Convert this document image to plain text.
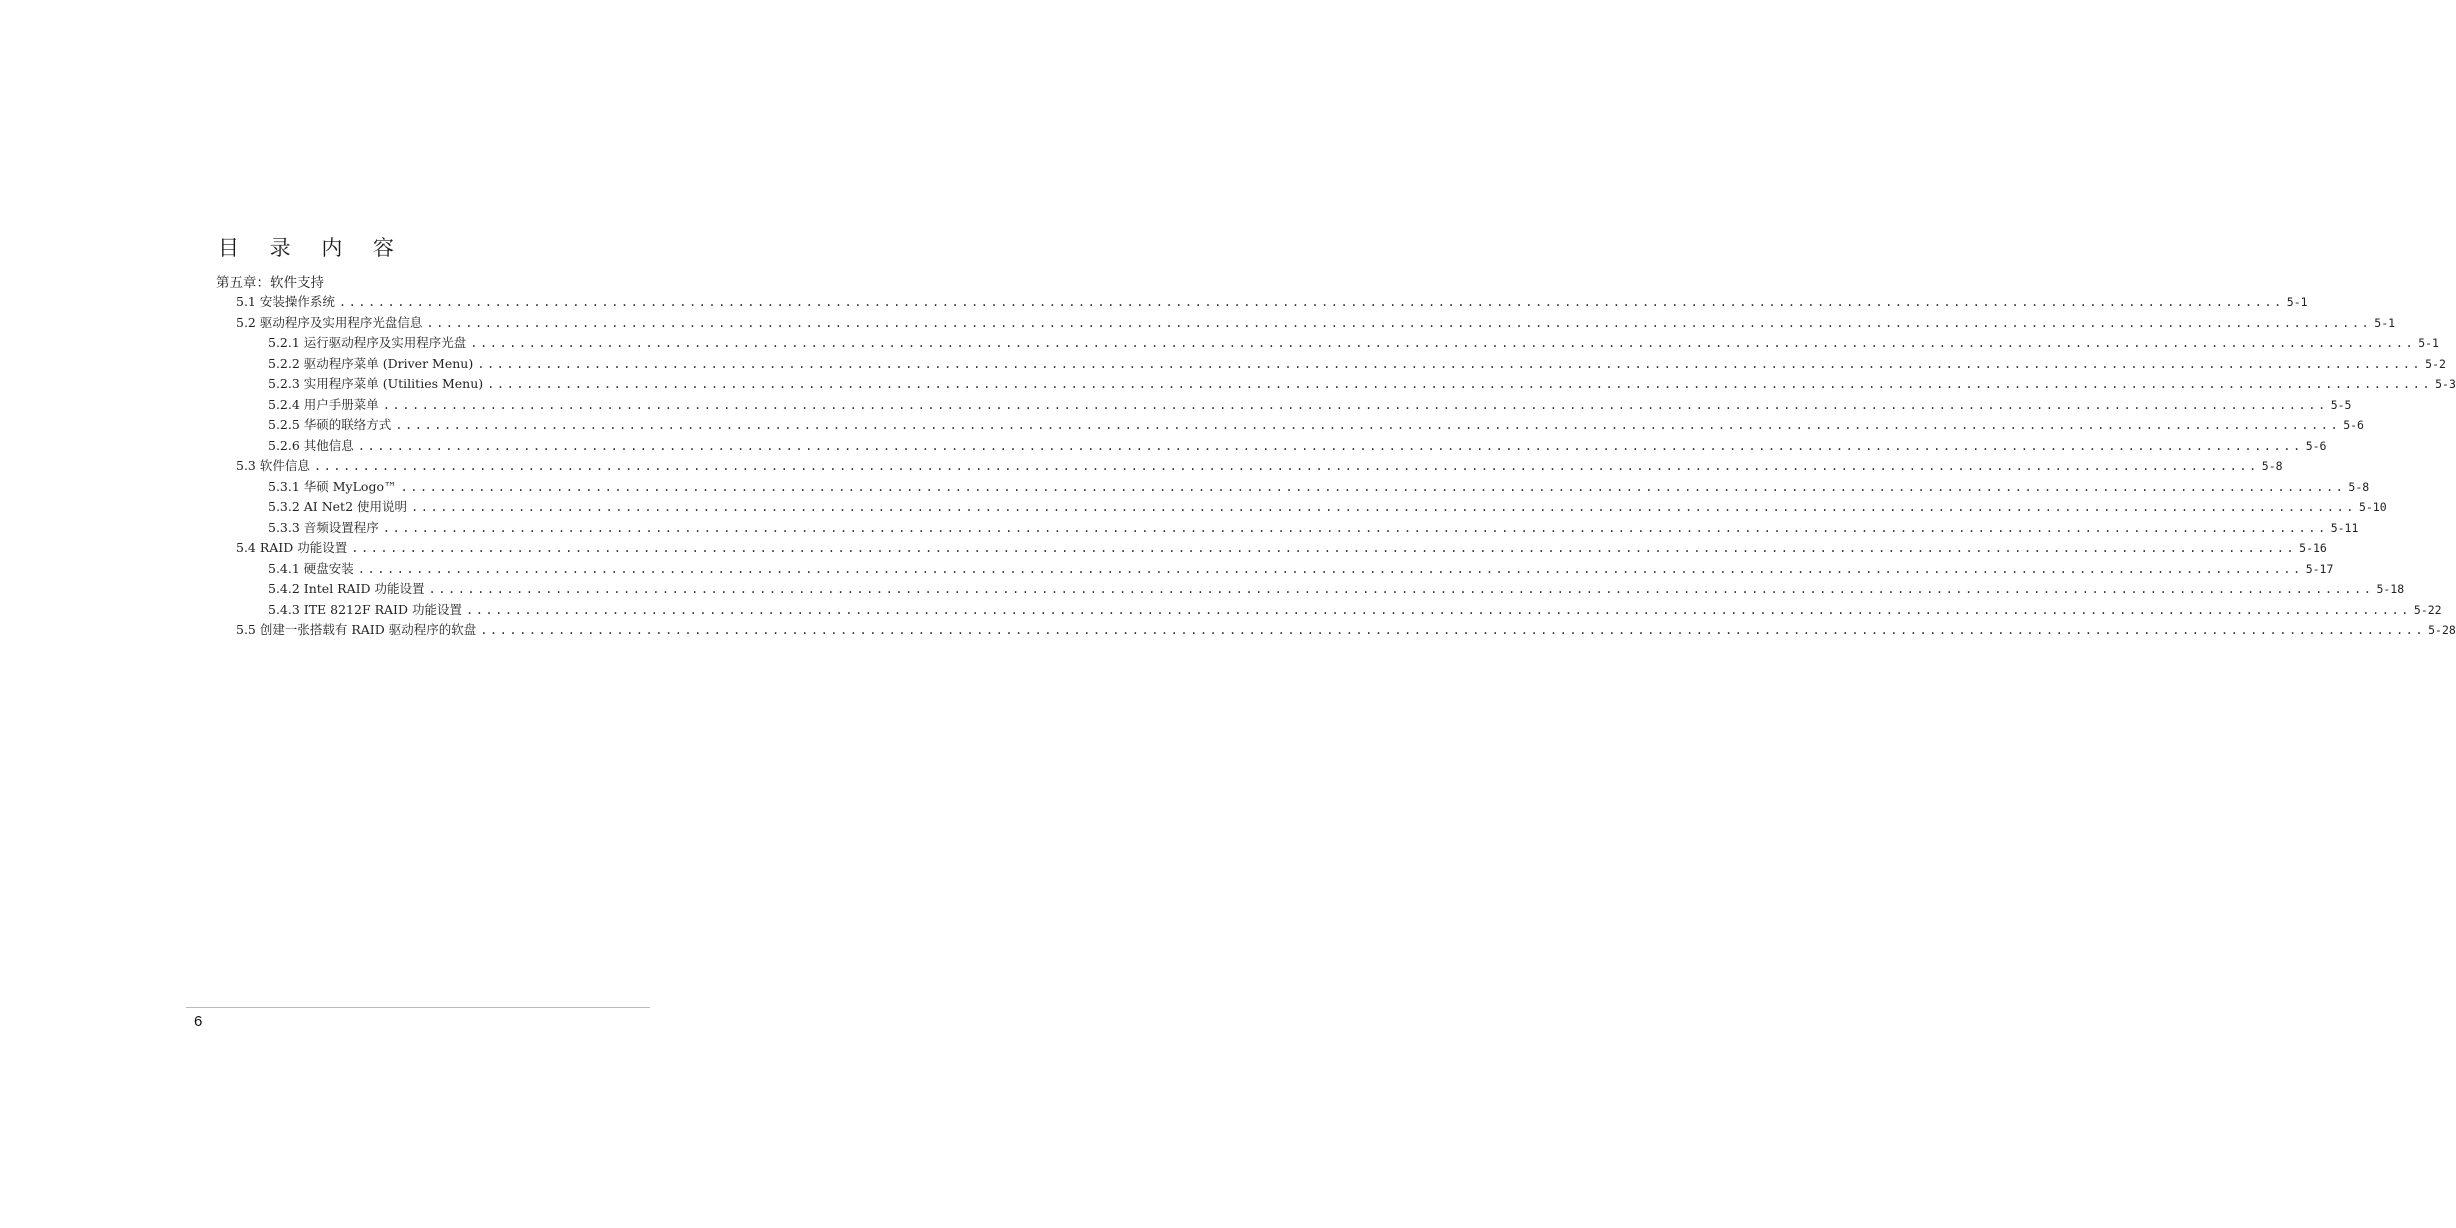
目 录 内 容
第五章：软件支持
5.1 安装操作系统 ........................................................................................................................................................................................................ 5-1
5.2 驱动程序及实用程序光盘信息 ........................................................................................................................................................................................................ 5-1
5.2.1 运行驱动程序及实用程序光盘 ........................................................................................................................................................................................................ 5-1
5.2.2 驱动程序菜单 (Driver Menu) ........................................................................................................................................................................................................ 5-2
5.2.3 实用程序菜单 (Utilities Menu) ........................................................................................................................................................................................................ 5-3
5.2.4 用户手册菜单 ........................................................................................................................................................................................................ 5-5
5.2.5 华硕的联络方式 ........................................................................................................................................................................................................ 5-6
5.2.6 其他信息 ........................................................................................................................................................................................................ 5-6
5.3 软件信息 ........................................................................................................................................................................................................ 5-8
5.3.1 华硕 MyLogo™ ........................................................................................................................................................................................................ 5-8
5.3.2 AI Net2 使用说明 ........................................................................................................................................................................................................ 5-10
5.3.3 音频设置程序 ........................................................................................................................................................................................................ 5-11
5.4 RAID 功能设置 ........................................................................................................................................................................................................ 5-16
5.4.1 硬盘安装 ........................................................................................................................................................................................................ 5-17
5.4.2 Intel RAID 功能设置 ........................................................................................................................................................................................................ 5-18
5.4.3 ITE 8212F RAID 功能设置 ........................................................................................................................................................................................................ 5-22
5.5 创建一张搭载有 RAID 驱动程序的软盘 ........................................................................................................................................................................................................ 5-28
6
